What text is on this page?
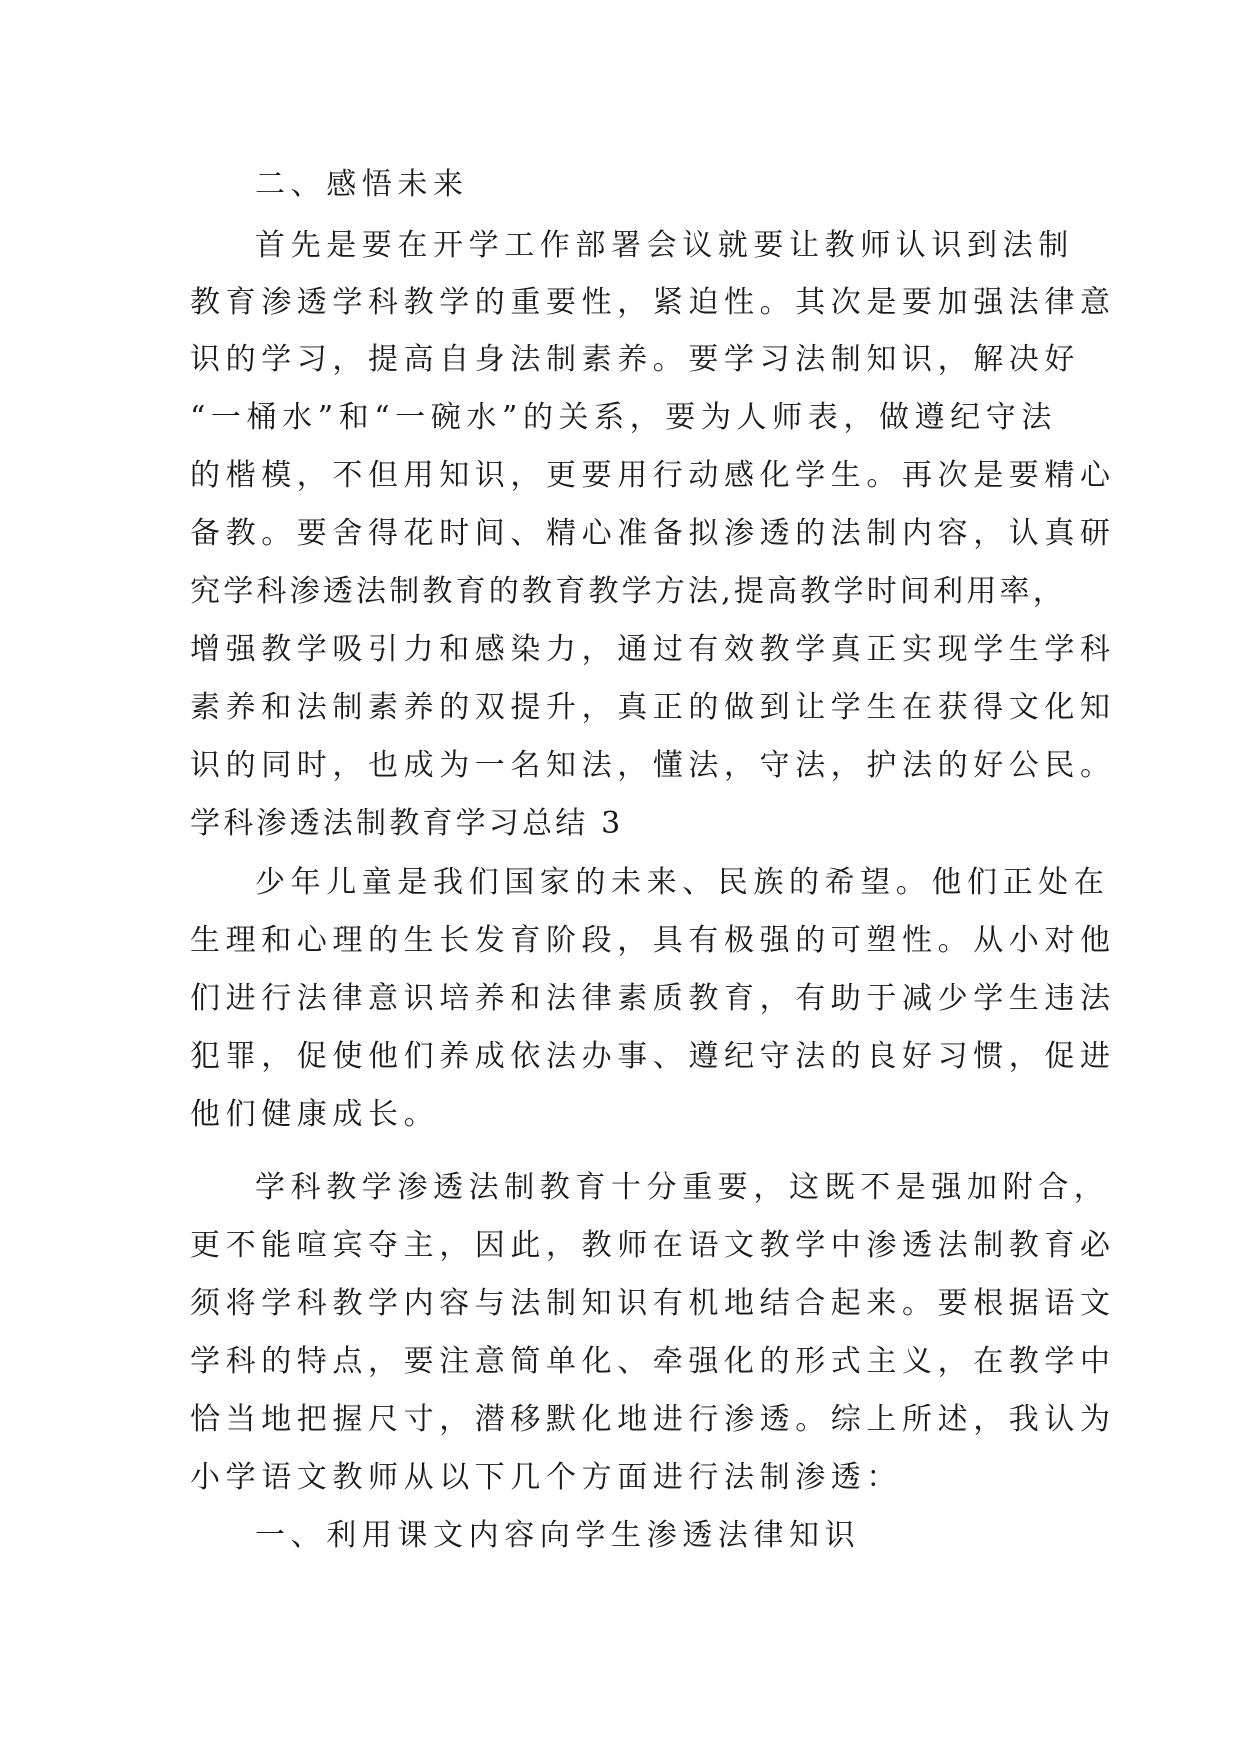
二、感悟未来
首先是要在开学工作部署会议就要让教师认识到法制
教育渗透学科教学的重要性，紧迫性。其次是要加强法律意
识的学习，提高自身法制素养。要学习法制知识，解决好
“一桶水”和“一碗水”的关系，要为人师表，做遵纪守法
的楷模，不但用知识，更要用行动感化学生。再次是要精心
备教。要舍得花时间、精心准备拟渗透的法制内容，认真研
究学科渗透法制教育的教育教学方法,提高教学时间利用率，
增强教学吸引力和感染力，通过有效教学真正实现学生学科
素养和法制素养的双提升，真正的做到让学生在获得文化知
识的同时，也成为一名知法，懂法，守法，护法的好公民。
学科渗透法制教育学习总结 3
少年儿童是我们国家的未来、民族的希望。他们正处在
生理和心理的生长发育阶段，具有极强的可塑性。从小对他
们进行法律意识培养和法律素质教育，有助于减少学生违法
犯罪，促使他们养成依法办事、遵纪守法的良好习惯，促进
他们健康成长。
学科教学渗透法制教育十分重要，这既不是强加附合，
更不能喧宾夺主，因此，教师在语文教学中渗透法制教育必
须将学科教学内容与法制知识有机地结合起来。要根据语文
学科的特点，要注意简单化、牵强化的形式主义，在教学中
恰当地把握尺寸，潜移默化地进行渗透。综上所述，我认为
小学语文教师从以下几个方面进行法制渗透：
一、利用课文内容向学生渗透法律知识
